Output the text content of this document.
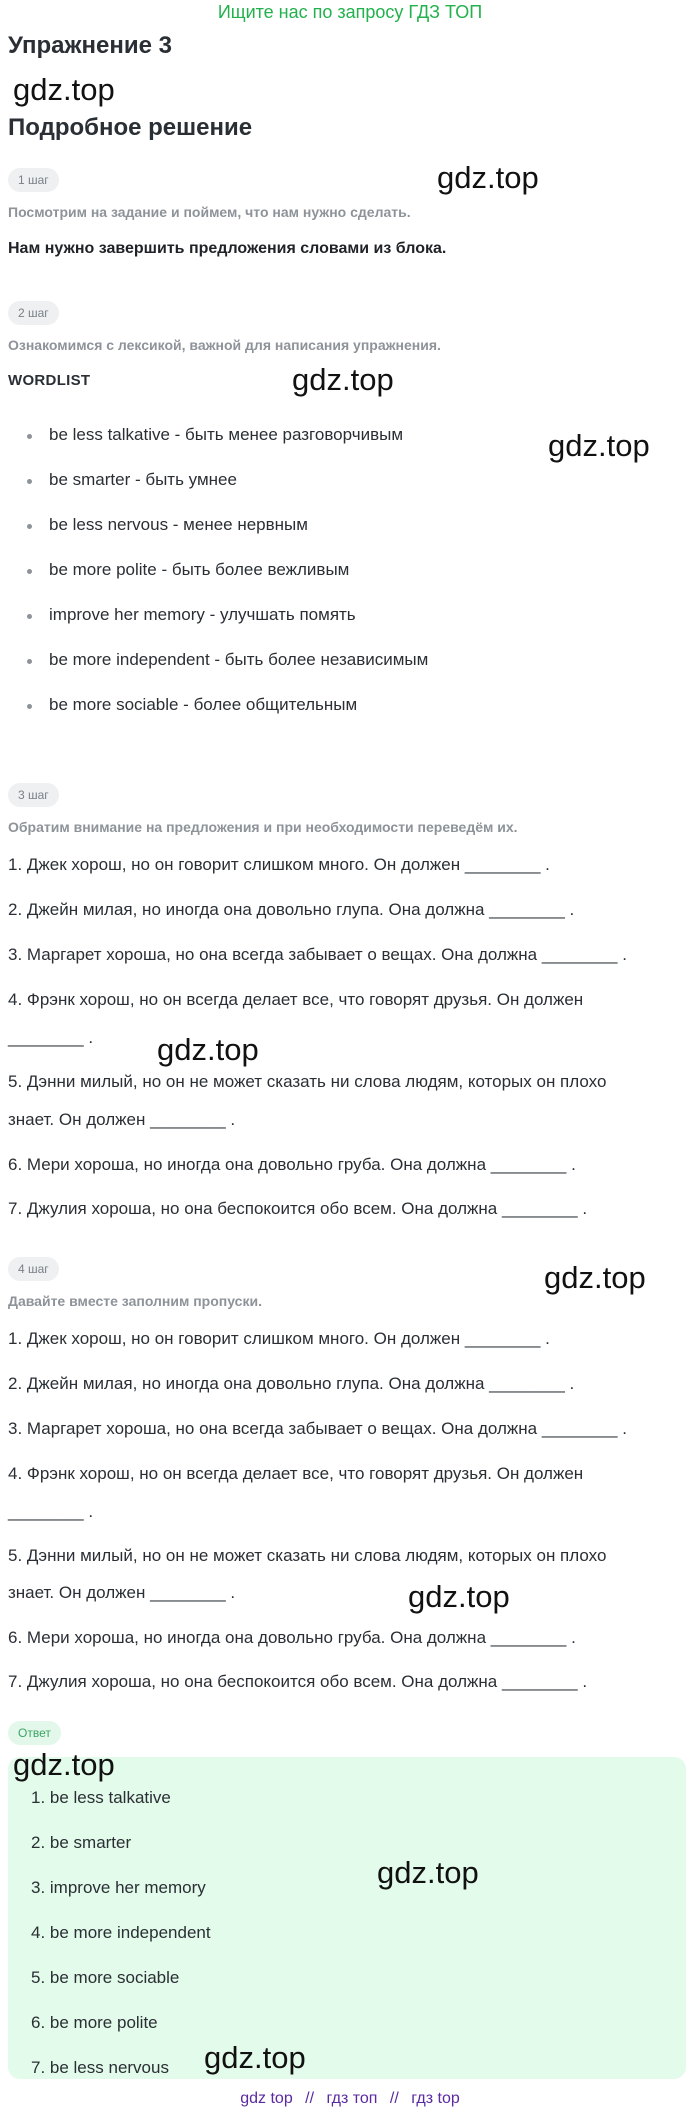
Ищите нас по запросу ГДЗ ТОП
Упражнение 3
gdz.top
Подробное решение
1 шаг	gdz.top
Посмотрим на задание и поймем, что нам нужно сделать.
Нам нужно завершить предложения словами из блока.
2 шаг
Ознакомимся с лексикой, важной для написания упражнения.
WORDLIST	gdz.top
gdz.top
be less talkative - быть менее разговорчивым
be smarter - быть умнее
be less nervous - менее нервным
be more polite - быть более вежливым
improve her memory - улучшать помять
be more independent - быть более независимым
be more sociable - более общительным
3 шаг
Обратим внимание на предложения и при необходимости переведём их.
1. Джек хорош, но он говорит слишком много. Он должен ________ .
2. Джейн милая, но иногда она довольно глупа. Она должна ________ .
3. Маргарет хороша, но она всегда забывает о вещах. Она должна ________ .
4. Фрэнк хорош, но он всегда делает все, что говорят друзья. Он должен
________ . gdz.top
5. Дэнни милый, но он не может сказать ни слова людям, которых он плохо
знает. Он должен ________ .
6. Мери хороша, но иногда она довольно груба. Она должна ________ .
7. Джулия хороша, но она беспокоится обо всем. Она должна ________ .
4 шаг	gdz.top
Давайте вместе заполним пропуски.
1. Джек хорош, но он говорит слишком много. Он должен ________ .
2. Джейн милая, но иногда она довольно глупа. Она должна ________ .
3. Маргарет хороша, но она всегда забывает о вещах. Она должна ________ .
4. Фрэнк хорош, но он всегда делает все, что говорят друзья. Он должен
________ .
5. Дэнни милый, но он не может сказать ни слова людям, которых он плохо
знает. Он должен ________ .	gdz.top
6. Мери хороша, но иногда она довольно груба. Она должна ________ .
7. Джулия хороша, но она беспокоится обо всем. Она должна ________ .
Ответ
gdz.top
1. be less talkative
2. be smarter
3. improve her memory
4. be more independent
5. be more sociable
6. be more polite
7. be less nervous
gdz.top
gdz.top
gdz top // гдз топ // гдз top
